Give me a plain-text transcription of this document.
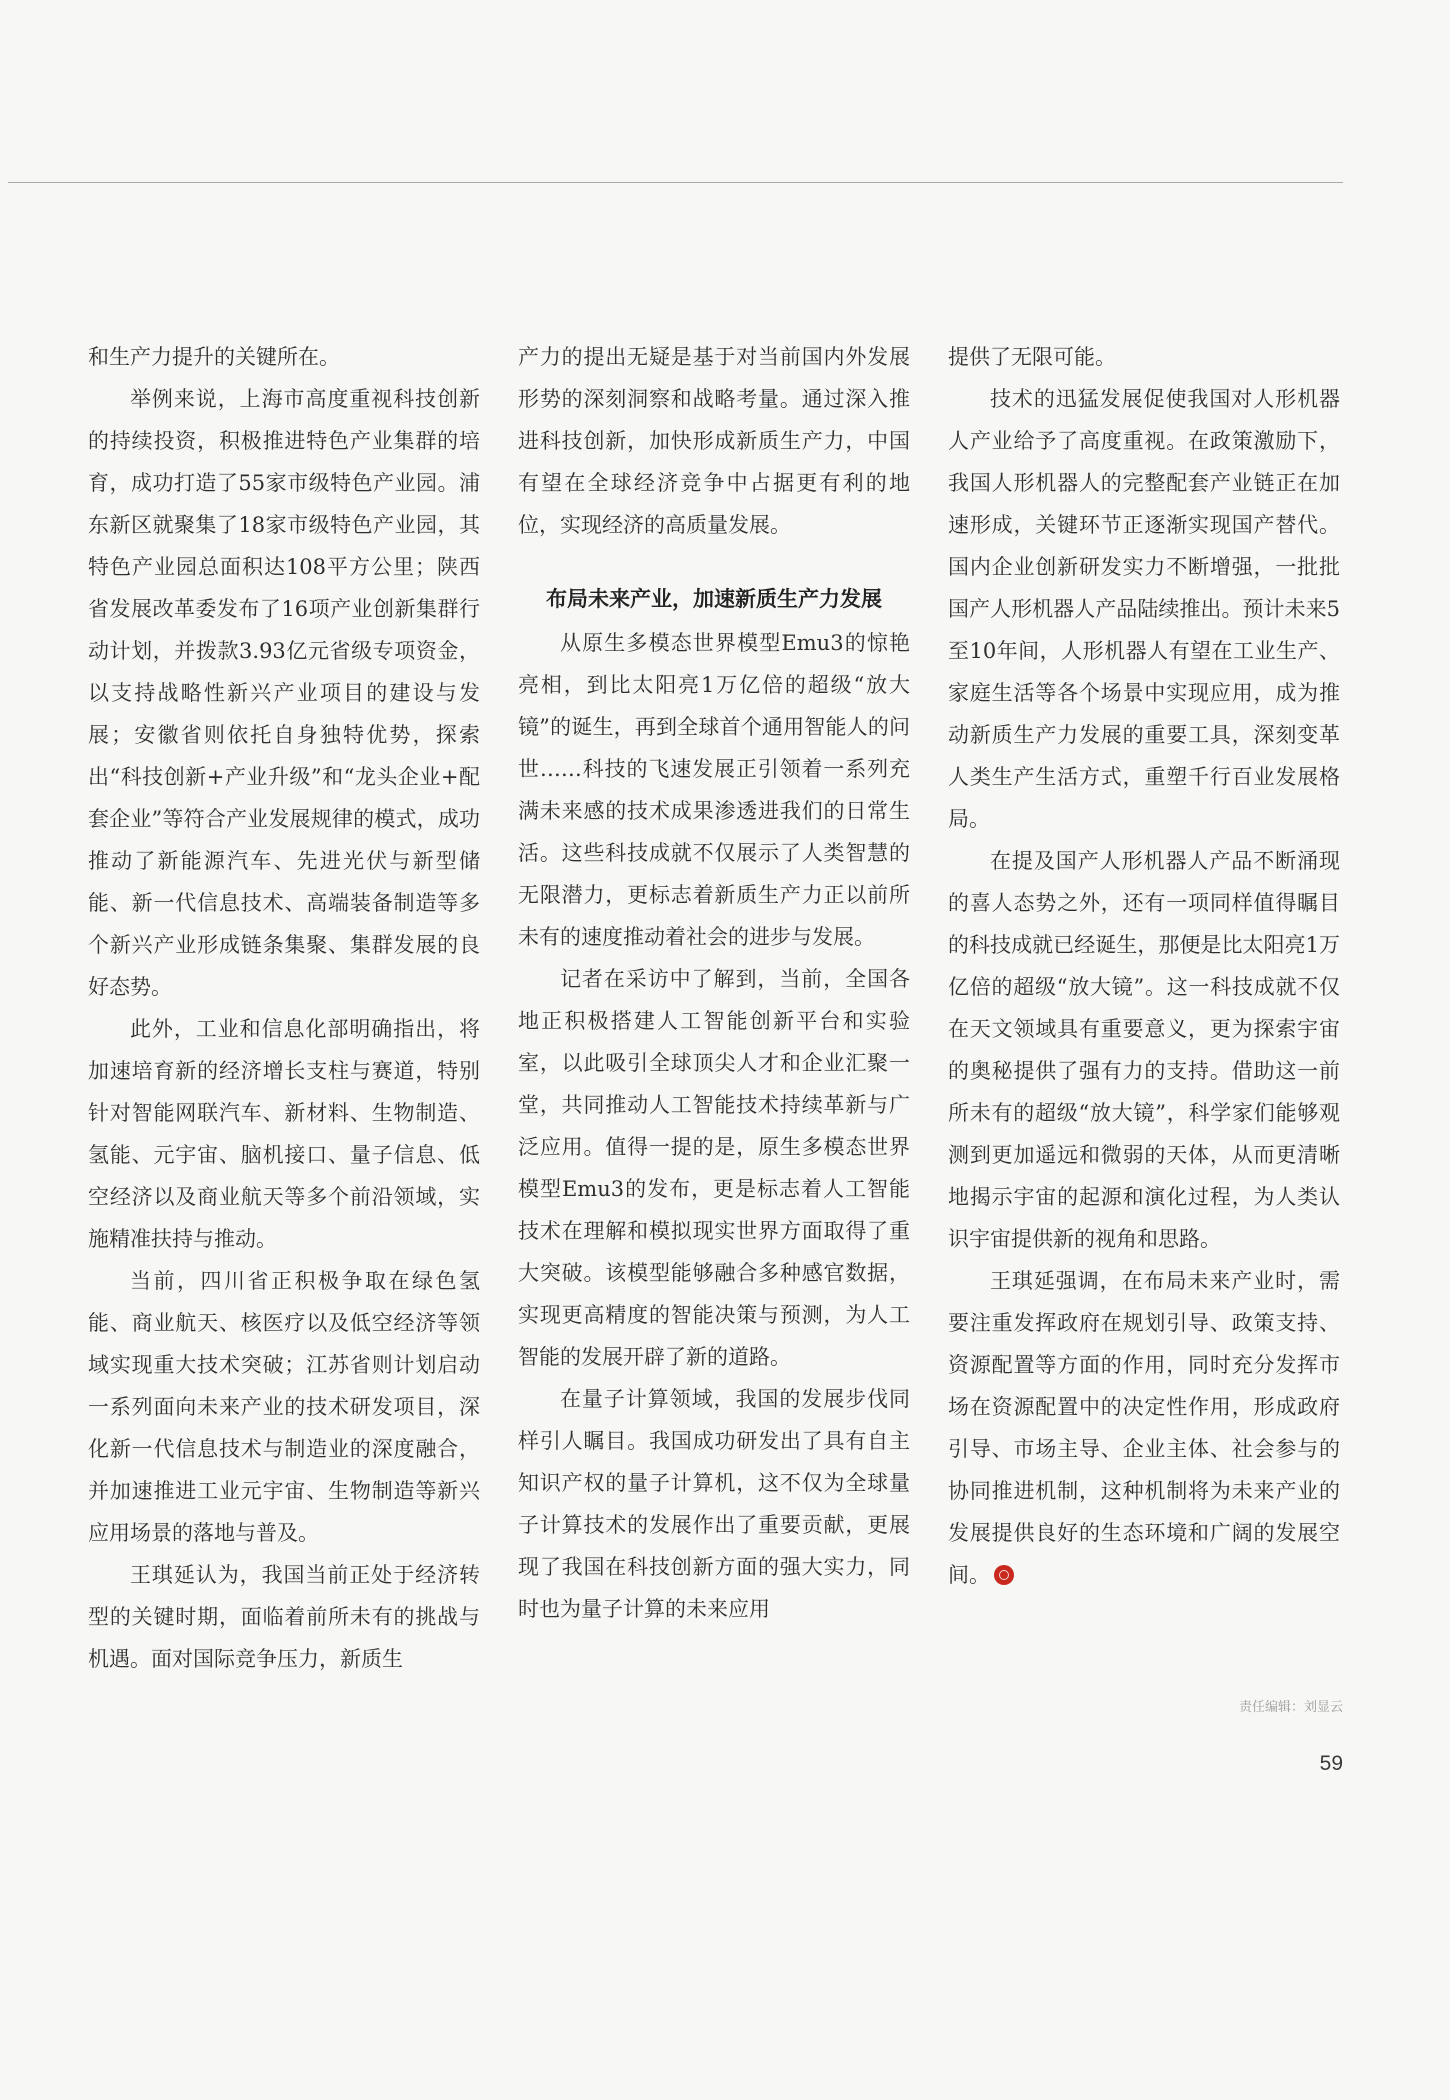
和生产力提升的关键所在。

举例来说，上海市高度重视科技创新的持续投资，积极推进特色产业集群的培育，成功打造了55家市级特色产业园。浦东新区就聚集了18家市级特色产业园，其特色产业园总面积达108平方公里；陕西省发展改革委发布了16项产业创新集群行动计划，并拨款3.93亿元省级专项资金，以支持战略性新兴产业项目的建设与发展；安徽省则依托自身独特优势，探索出“科技创新+产业升级”和“龙头企业+配套企业”等符合产业发展规律的模式，成功推动了新能源汽车、先进光伏与新型储能、新一代信息技术、高端装备制造等多个新兴产业形成链条集聚、集群发展的良好态势。

此外，工业和信息化部明确指出，将加速培育新的经济增长支柱与赛道，特别针对智能网联汽车、新材料、生物制造、氢能、元宇宙、脑机接口、量子信息、低空经济以及商业航天等多个前沿领域，实施精准扶持与推动。

当前，四川省正积极争取在绿色氢能、商业航天、核医疗以及低空经济等领域实现重大技术突破；江苏省则计划启动一系列面向未来产业的技术研发项目，深化新一代信息技术与制造业的深度融合，并加速推进工业元宇宙、生物制造等新兴应用场景的落地与普及。

王琪延认为，我国当前正处于经济转型的关键时期，面临着前所未有的挑战与机遇。面对国际竞争压力，新质生

产力的提出无疑是基于对当前国内外发展形势的深刻洞察和战略考量。通过深入推进科技创新，加快形成新质生产力，中国有望在全球经济竞争中占据更有利的地位，实现经济的高质量发展。

布局未来产业，加速新质生产力发展

从原生多模态世界模型Emu3的惊艳亮相，到比太阳亮1万亿倍的超级“放大镜”的诞生，再到全球首个通用智能人的问世……科技的飞速发展正引领着一系列充满未来感的技术成果渗透进我们的日常生活。这些科技成就不仅展示了人类智慧的无限潜力，更标志着新质生产力正以前所未有的速度推动着社会的进步与发展。

记者在采访中了解到，当前，全国各地正积极搭建人工智能创新平台和实验室，以此吸引全球顶尖人才和企业汇聚一堂，共同推动人工智能技术持续革新与广泛应用。值得一提的是，原生多模态世界模型Emu3的发布，更是标志着人工智能技术在理解和模拟现实世界方面取得了重大突破。该模型能够融合多种感官数据，实现更高精度的智能决策与预测，为人工智能的发展开辟了新的道路。

在量子计算领域，我国的发展步伐同样引人瞩目。我国成功研发出了具有自主知识产权的量子计算机，这不仅为全球量子计算技术的发展作出了重要贡献，更展现了我国在科技创新方面的强大实力，同时也为量子计算的未来应用

提供了无限可能。

技术的迅猛发展促使我国对人形机器人产业给予了高度重视。在政策激励下，我国人形机器人的完整配套产业链正在加速形成，关键环节正逐渐实现国产替代。国内企业创新研发实力不断增强，一批批国产人形机器人产品陆续推出。预计未来5至10年间，人形机器人有望在工业生产、家庭生活等各个场景中实现应用，成为推动新质生产力发展的重要工具，深刻变革人类生产生活方式，重塑千行百业发展格局。

在提及国产人形机器人产品不断涌现的喜人态势之外，还有一项同样值得瞩目的科技成就已经诞生，那便是比太阳亮1万亿倍的超级“放大镜”。这一科技成就不仅在天文领域具有重要意义，更为探索宇宙的奥秘提供了强有力的支持。借助这一前所未有的超级“放大镜”，科学家们能够观测到更加遥远和微弱的天体，从而更清晰地揭示宇宙的起源和演化过程，为人类认识宇宙提供新的视角和思路。

王琪延强调，在布局未来产业时，需要注重发挥政府在规划引导、政策支持、资源配置等方面的作用，同时充分发挥市场在资源配置中的决定性作用，形成政府引导、市场主导、企业主体、社会参与的协同推进机制，这种机制将为未来产业的发展提供良好的生态环境和广阔的发展空间。

责任编辑：刘显云
59
